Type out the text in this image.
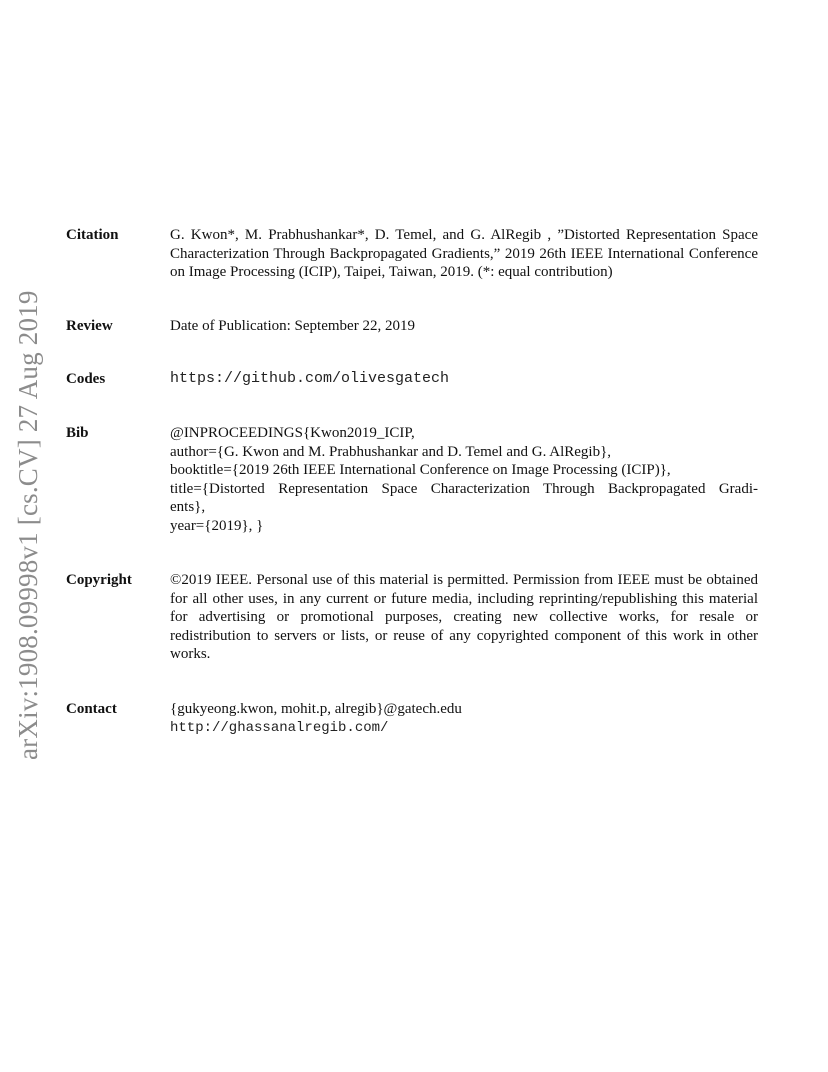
arXiv:1908.09998v1 [cs.CV] 27 Aug 2019
Citation	G. Kwon*, M. Prabhushankar*, D. Temel, and G. AlRegib , ”Distorted Representation Space Characterization Through Backpropagated Gradients,” 2019 26th IEEE International Conference on Image Processing (ICIP), Taipei, Taiwan, 2019. (*: equal contribution)
Review	Date of Publication: September 22, 2019
Codes	https://github.com/olivesgatech
Bib	@INPROCEEDINGS{Kwon2019_ICIP,
author={G. Kwon and M. Prabhushankar and D. Temel and G. AlRegib},
booktitle={2019 26th IEEE International Conference on Image Processing (ICIP)},
title={Distorted Representation Space Characterization Through Backpropagated Gradi-
ents},
year={2019}, }
Copyright	©2019 IEEE. Personal use of this material is permitted. Permission from IEEE must be obtained for all other uses, in any current or future media, including reprinting/republishing this material for advertising or promotional purposes, creating new collective works, for resale or redistribution to servers or lists, or reuse of any copyrighted component of this work in other works.
Contact	{gukyeong.kwon, mohit.p, alregib}@gatech.edu
http://ghassanalregib.com/
